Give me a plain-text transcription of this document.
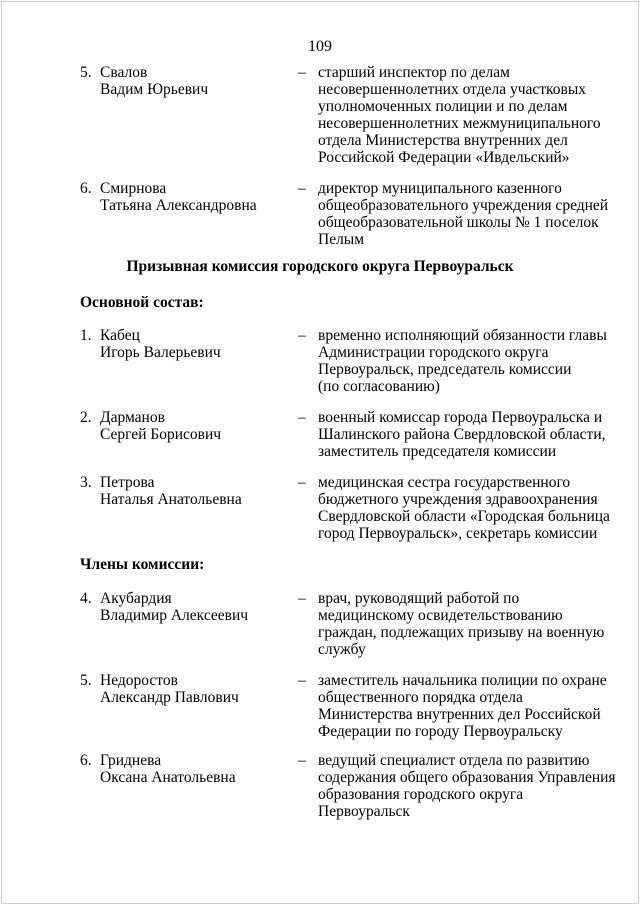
109
5. Свалов
Вадим Юрьевич
– старший инспектор по делам
несовершеннолетних отдела участковых
уполномоченных полиции и по делам
несовершеннолетних межмуниципального
отдела Министерства внутренних дел
Российской Федерации «Ивдельский»
6. Смирнова
Татьяна Александровна
– директор муниципального казенного
общеобразовательного учреждения средней
общеобразовательной школы № 1 поселок
Пелым
Призывная комиссия городского округа Первоуральск
Основной состав:
1. Кабец
Игорь Валерьевич
– временно исполняющий обязанности главы
Администрации городского округа
Первоуральск, председатель комиссии
(по согласованию)
2. Дарманов
Сергей Борисович
– военный комиссар города Первоуральска и
Шалинского района Свердловской области,
заместитель председателя комиссии
3. Петрова
Наталья Анатольевна
– медицинская сестра государственного
бюджетного учреждения здравоохранения
Свердловской области «Городская больница
город Первоуральск», секретарь комиссии
Члены комиссии:
4. Акубардия
Владимир Алексеевич
– врач, руководящий работой по
медицинскому освидетельствованию
граждан, подлежащих призыву на военную
службу
5. Недоростов
Александр Павлович
– заместитель начальника полиции по охране
общественного порядка отдела
Министерства внутренних дел Российской
Федерации по городу Первоуральску
6. Гриднева
Оксана Анатольевна
– ведущий специалист отдела по развитию
содержания общего образования Управления
образования городского округа
Первоуральск
